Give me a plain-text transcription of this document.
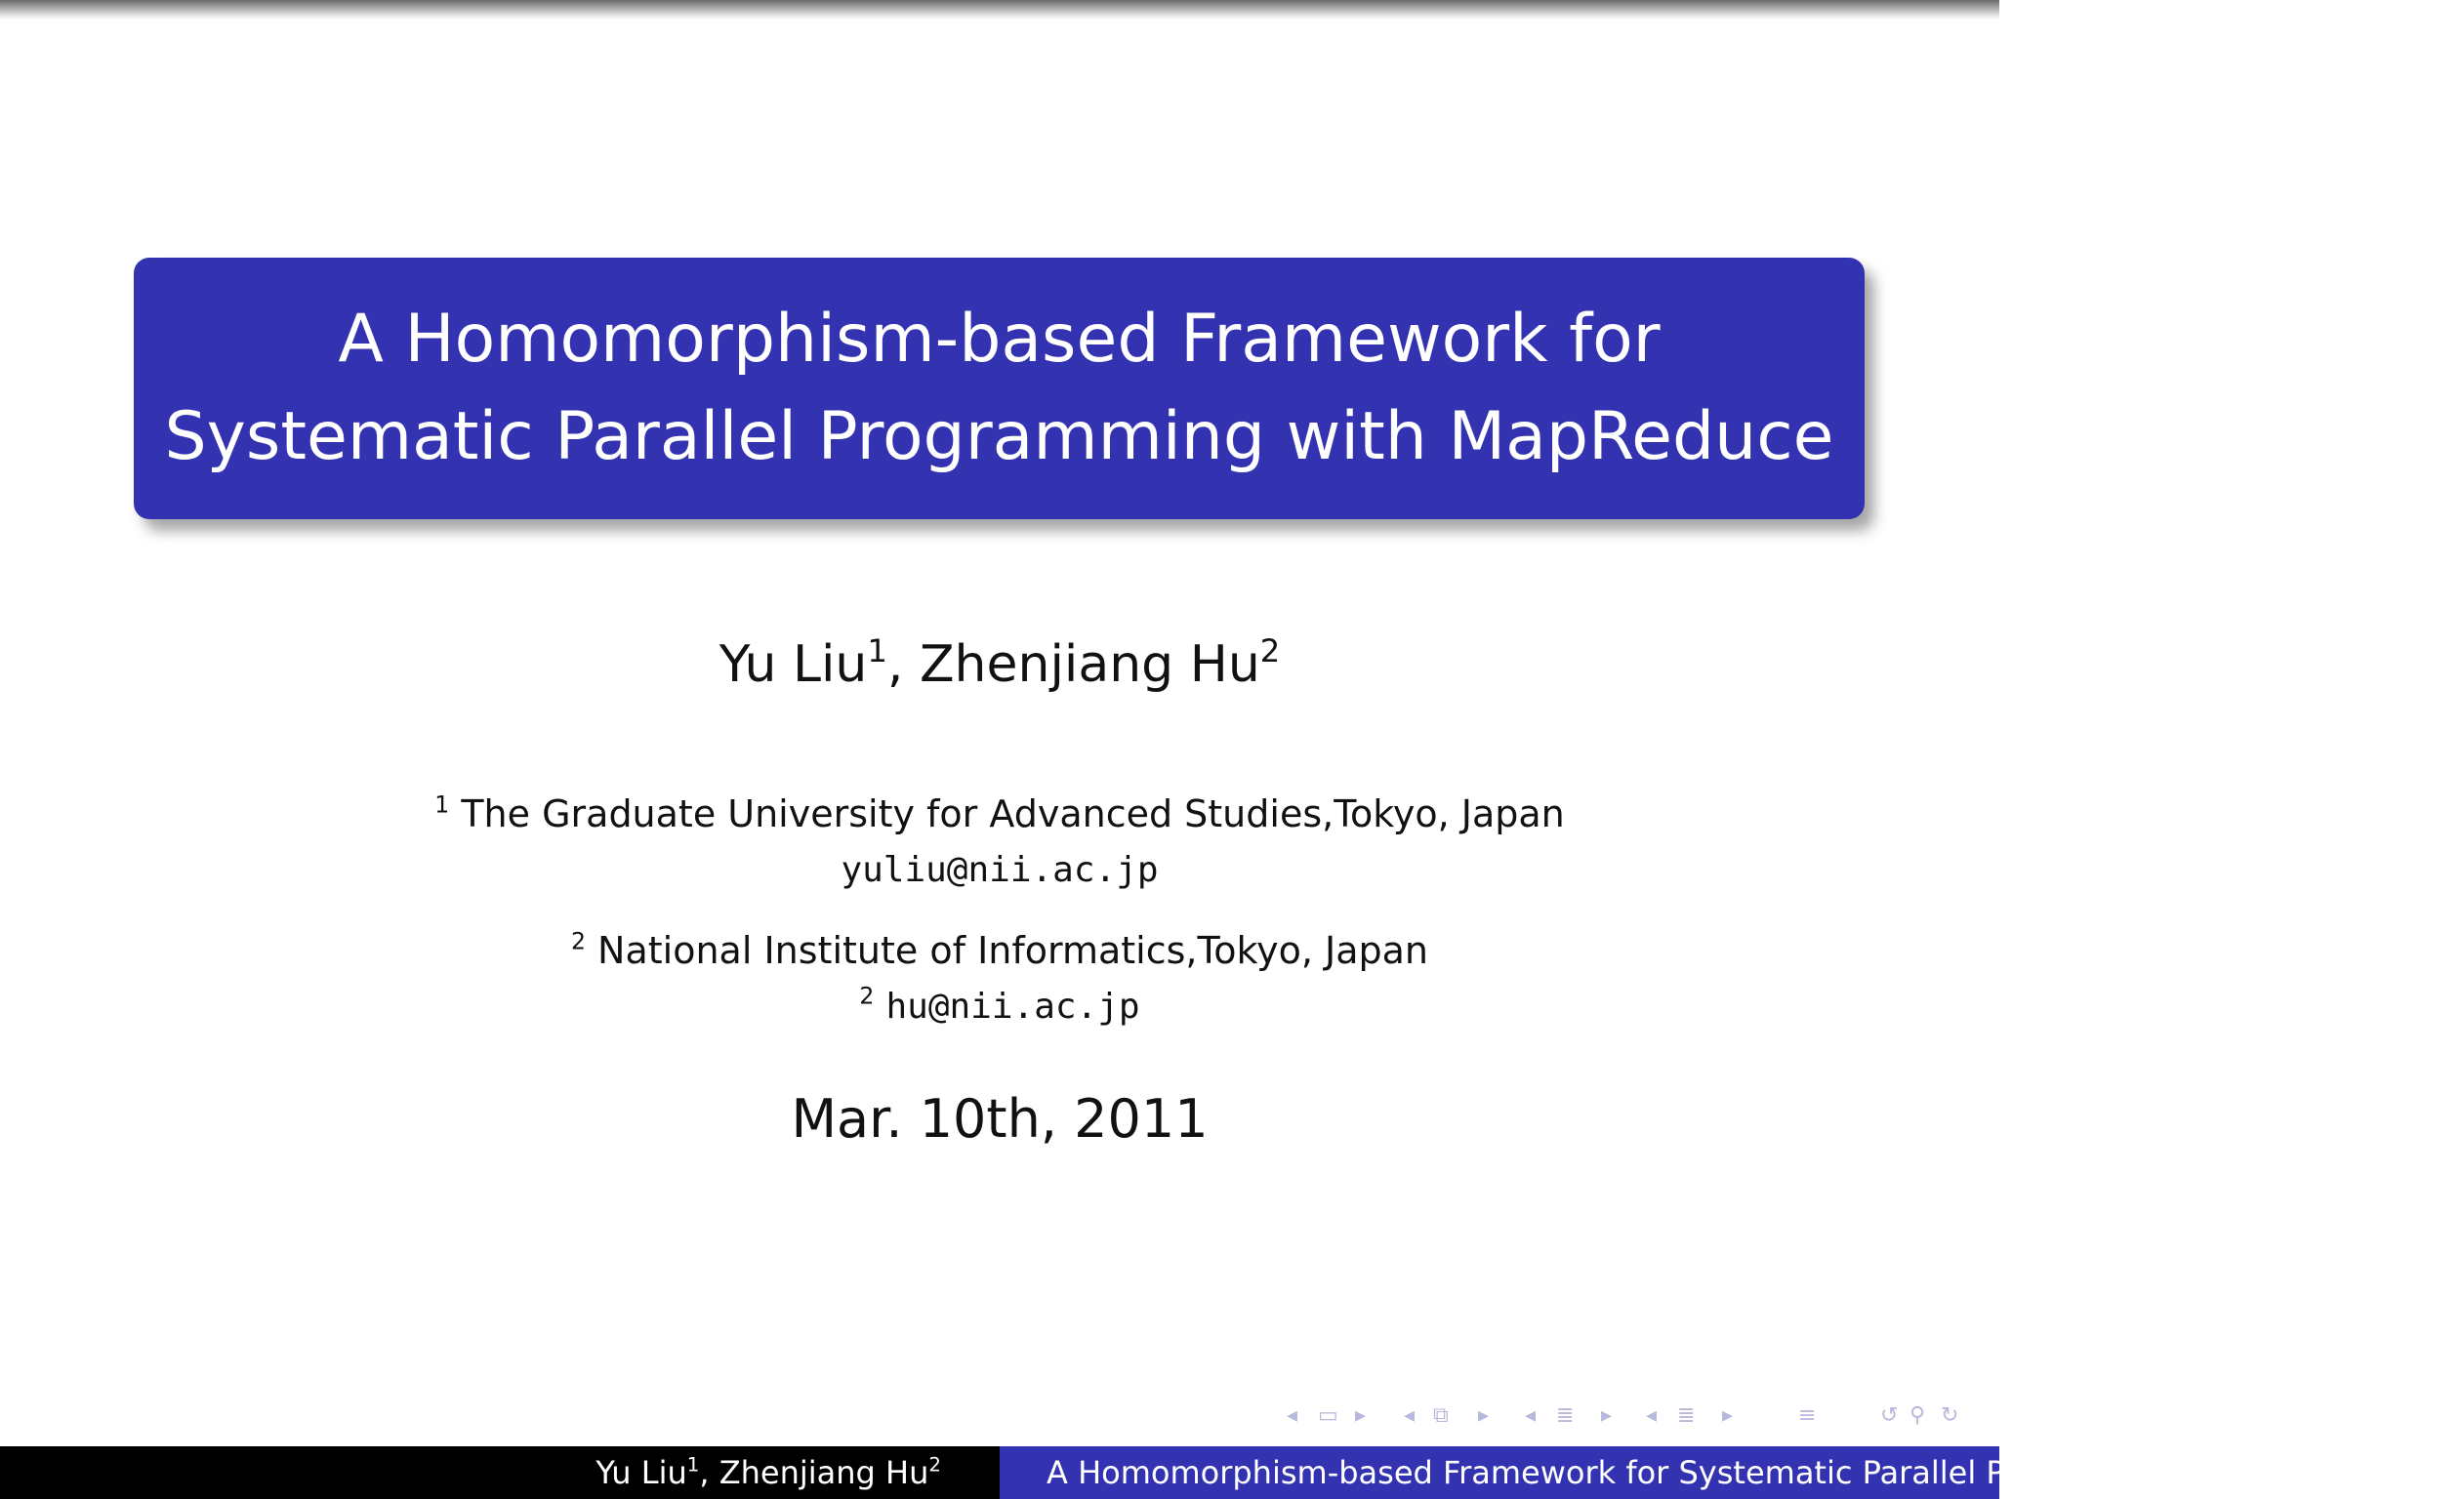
A Homomorphism-based Framework for
Systematic Parallel Programming with MapReduce
Yu Liu$^1$, Zhenjiang Hu$^2$
$^1$ The Graduate University for Advanced Studies,Tokyo, Japan
yuliu@nii.ac.jp
$^2$ National Institute of Informatics,Tokyo, Japan
$^2$ hu@nii.ac.jp
Mar. 10th, 2011
◂ ▭ ▸ ◂ ⧉ ▸ ◂ ≣ ▸ ◂ ≣ ▸	≡	↺ ⚲ ↻
Yu Liu$^1$, Zhenjiang Hu$^2$	A Homomorphism-based Framework for Systematic Parallel Programming with MapReduce
